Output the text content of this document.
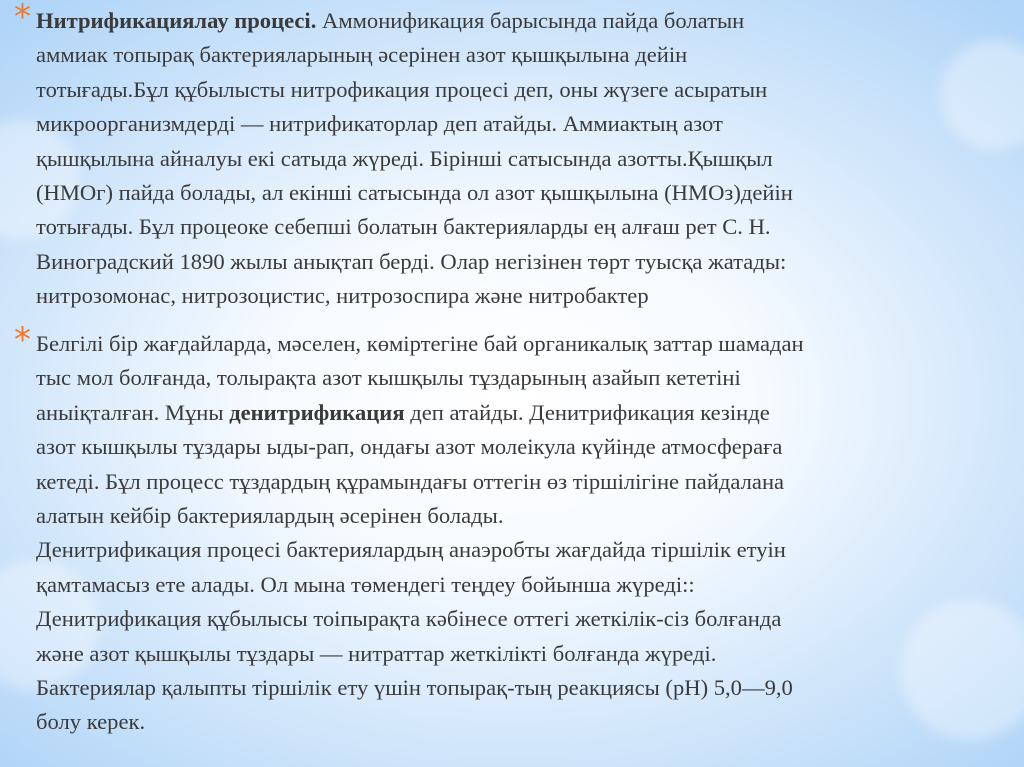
* Нитрификациялау процесі. Аммонификация барысында пайда болатын
аммиак топырақ бактерияларының әсерінен азот қышқылына дейін
тотығады.Бұл құбылысты нитрофикация процесі деп, оны жүзеге асыратын
микроорганизмдерді — нитрификаторлар деп атайды. Аммиактың азот
қышқылына айналуы екі сатыда жүреді. Бірінші сатысында азотты.Қышқыл
(НМОг) пайда болады, ал екінші сатысында ол азот қышқылына (НМОз)дейін
тотығады. Бұл процеоке себепші болатын бактерияларды ең алғаш рет С. Н.
Виноградский 1890 жылы анықтап берді. Олар негізінен төрт туысқа жатады:
нитрозомонас, нитрозоцистис, нитрозоспира және нитробактер
* Белгілі бір жағдайларда, мәселен, көміртегіне бай органикалық заттар шамадан
тыс мол болғанда, толырақта азот кышқылы тұздарының азайып кететіні
аныіқталған. Мұны денитрификация деп атайды. Денитрификация кезінде
азот кышқылы тұздары ыды-рап, ондағы азот молеікула күйінде атмосфераға
кетеді. Бұл процесс тұздардың құрамындағы оттегін өз тіршілігіне пайдалана
алатын кейбір бактериялардың әсерінен болады.
Денитрификация процесі бактериялардың анаэробты жағдайда тіршілік етуін
қамтамасыз ете алады. Ол мына төмендегі теңдеу бойынша жүреді::
Денитрификация құбылысы тоіпырақта кәбінесе оттегі жеткілік-сіз болғанда
және азот қышқылы тұздары — нитраттар жеткілікті болғанда жүреді.
Бактериялар қалыпты тіршілік ету үшін топырақ-тың реакциясы (рН) 5,0—9,0
болу керек.
